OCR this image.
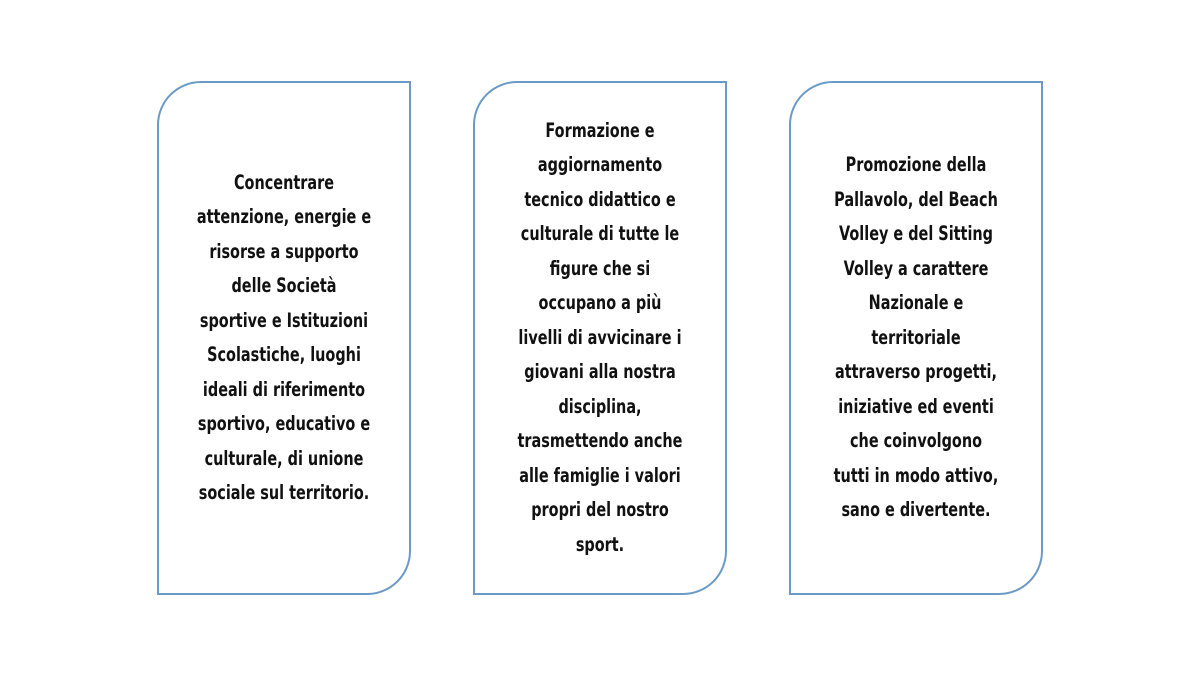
Concentrare
attenzione, energie e
risorse a supporto
delle Società
sportive e Istituzioni
Scolastiche, luoghi
ideali di riferimento
sportivo, educativo e
culturale, di unione
sociale sul territorio.
Formazione e
aggiornamento
tecnico didattico e
culturale di tutte le
figure che si
occupano a più
livelli di avvicinare i
giovani alla nostra
disciplina,
trasmettendo anche
alle famiglie i valori
propri del nostro
sport.
Promozione della
Pallavolo, del Beach
Volley e del Sitting
Volley a carattere
Nazionale e
territoriale
attraverso progetti,
iniziative ed eventi
che coinvolgono
tutti in modo attivo,
sano e divertente.
